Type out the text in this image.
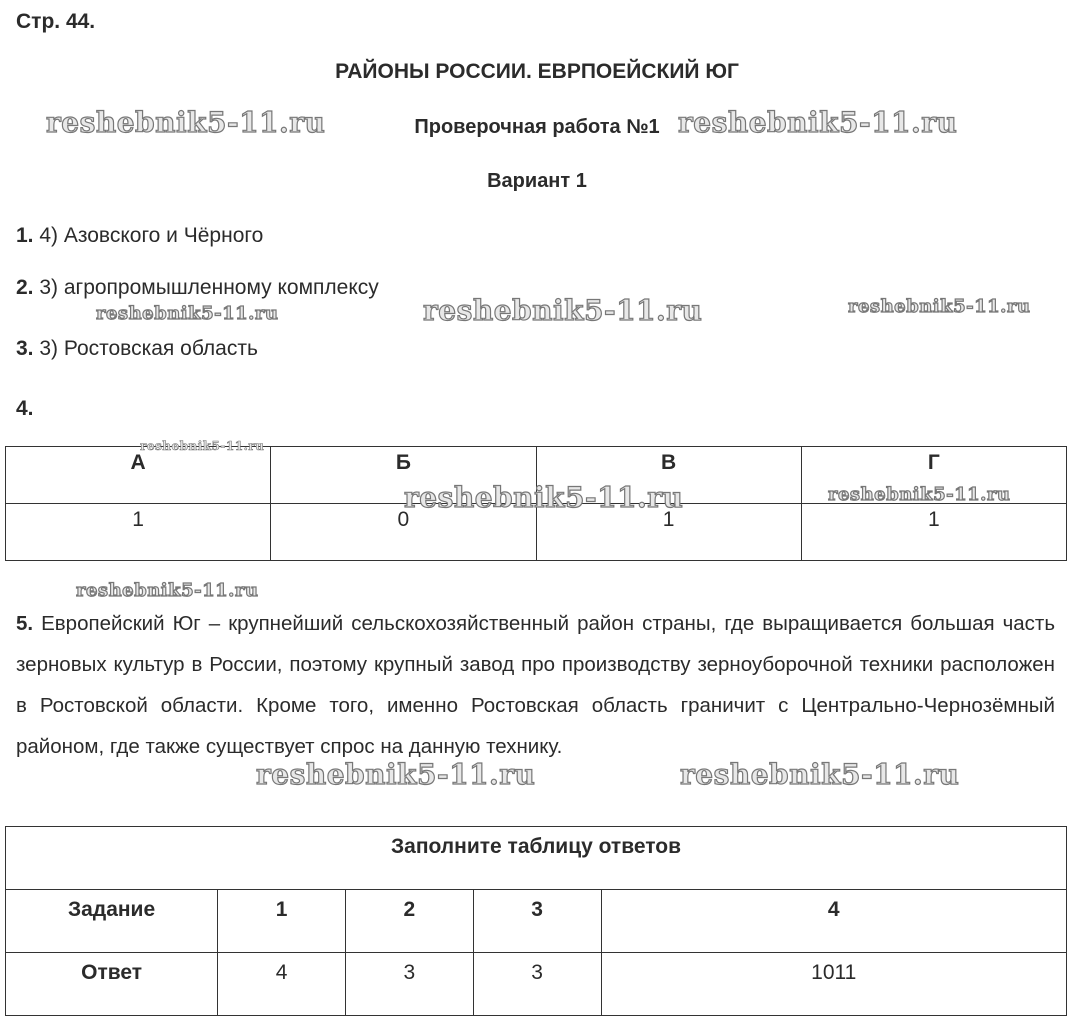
Стр. 44.
РАЙОНЫ РОССИИ. ЕВРПОЕЙСКИЙ ЮГ
Проверочная работа №1
Вариант 1
1. 4) Азовского и Чёрного
2. 3) агропромышленному комплексу
3. 3) Ростовская область
4.
А	Б	В	Г
1	0	1	1
5. Европейский Юг – крупнейший сельскохозяйственный район страны, где выращивается большая часть зерновых культур в России, поэтому крупный завод про производству зерноуборочной техники расположен в Ростовской области. Кроме того, именно Ростовская область граничит с Центрально-Чернозёмный районом, где также существует спрос на данную технику.
Заполните таблицу ответов				
Задание	1	2	3	4
Ответ	4	3	3	1011
reshebnik5-11.ru	reshebnik5-11.ru
reshebnik5-11.ru	reshebnik5-11.ru	reshebnik5-11.ru
reshebnik5-11.ru
reshebnik5-11.ru	reshebnik5-11.ru
reshebnik5-11.ru
reshebnik5-11.ru	reshebnik5-11.ru
